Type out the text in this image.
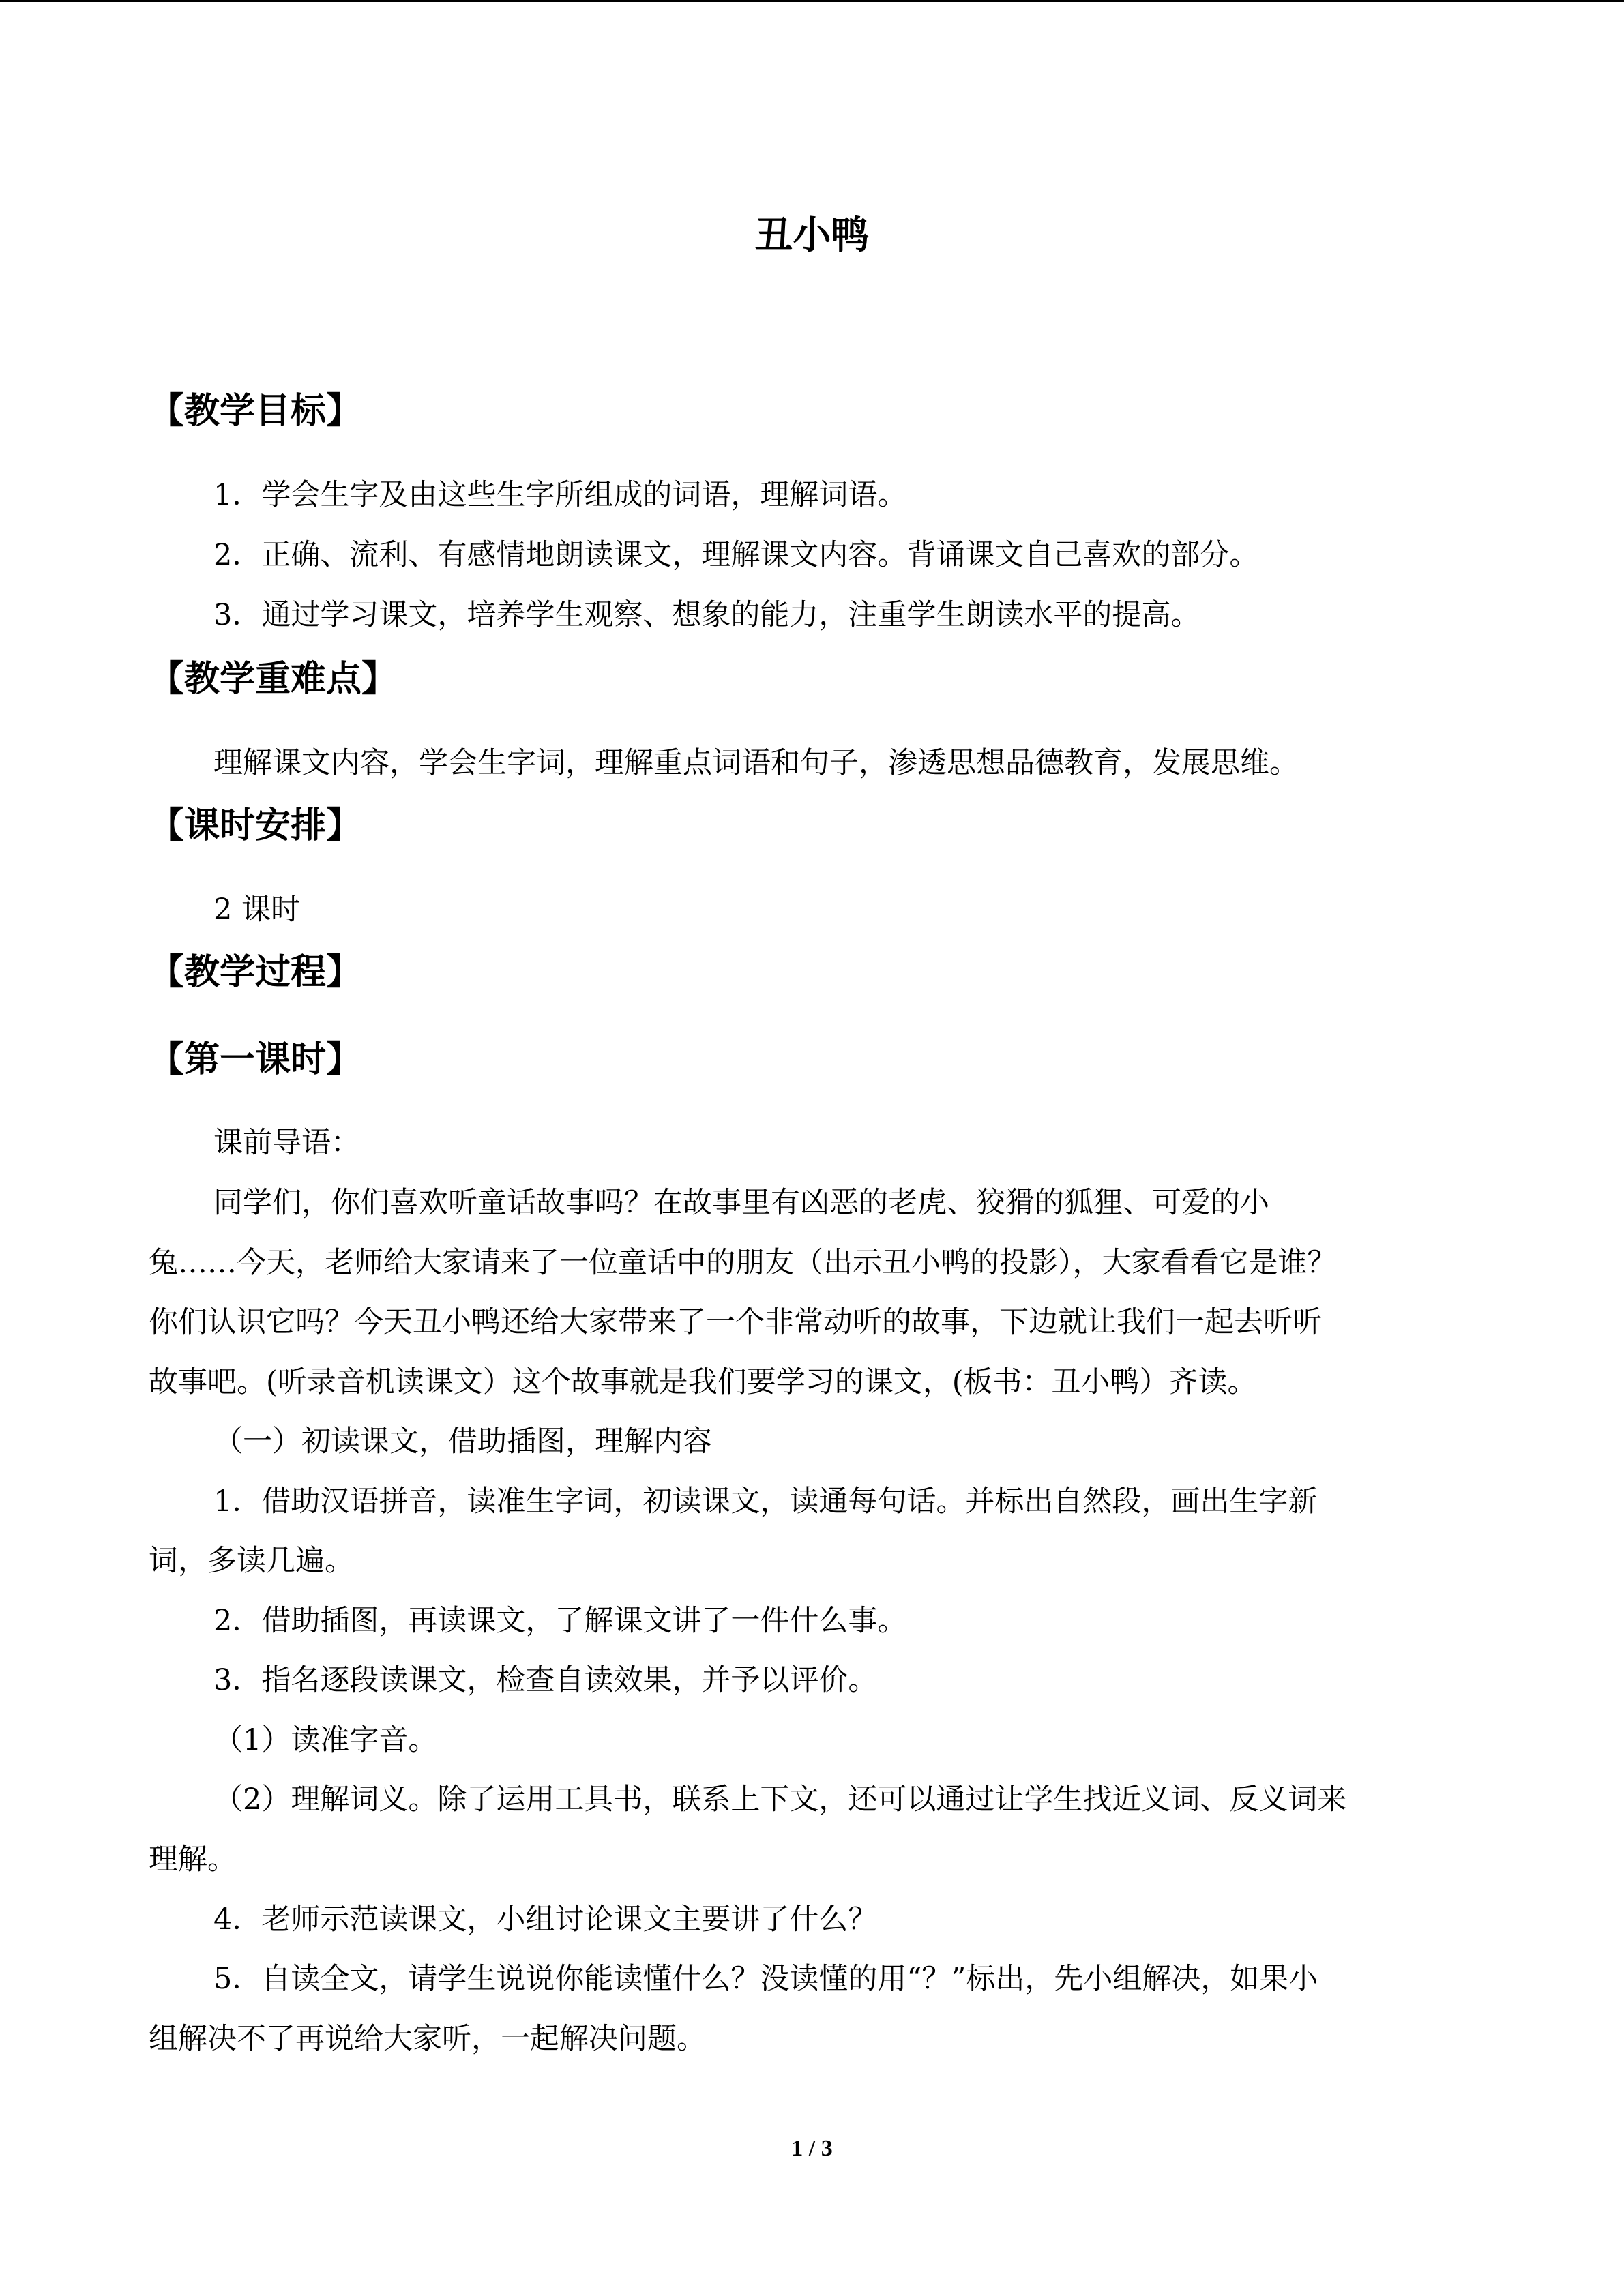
丑小鸭
【教学目标】
1．学会生字及由这些生字所组成的词语，理解词语。
2．正确、流利、有感情地朗读课文，理解课文内容。背诵课文自己喜欢的部分。
3．通过学习课文，培养学生观察、想象的能力，注重学生朗读水平的提高。
【教学重难点】
理解课文内容，学会生字词，理解重点词语和句子，渗透思想品德教育，发展思维。
【课时安排】
2 课时
【教学过程】
【第一课时】
课前导语：
同学们，你们喜欢听童话故事吗？在故事里有凶恶的老虎、狡猾的狐狸、可爱的小
兔……今天，老师给大家请来了一位童话中的朋友（出示丑小鸭的投影），大家看看它是谁？
你们认识它吗？今天丑小鸭还给大家带来了一个非常动听的故事，下边就让我们一起去听听
故事吧。(听录音机读课文）这个故事就是我们要学习的课文，(板书：丑小鸭）齐读。
（一）初读课文，借助插图，理解内容
1．借助汉语拼音，读准生字词，初读课文，读通每句话。并标出自然段，画出生字新
词，多读几遍。
2．借助插图，再读课文，了解课文讲了一件什么事。
3．指名逐段读课文，检查自读效果，并予以评价。
（1）读准字音。
（2）理解词义。除了运用工具书，联系上下文，还可以通过让学生找近义词、反义词来
理解。
4．老师示范读课文，小组讨论课文主要讲了什么？
5．自读全文，请学生说说你能读懂什么？没读懂的用“？”标出，先小组解决，如果小
组解决不了再说给大家听，一起解决问题。
1 / 3
